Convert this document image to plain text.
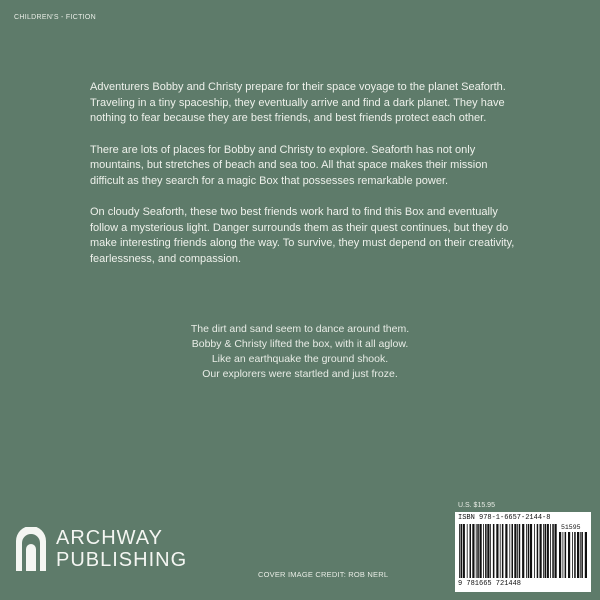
CHILDREN'S - FICTION

Adventurers Bobby and Christy prepare for their space voyage to the planet Seaforth. Traveling in a tiny spaceship, they eventually arrive and find a dark planet. They have nothing to fear because they are best friends, and best friends protect each other.

There are lots of places for Bobby and Christy to explore. Seaforth has not only mountains, but stretches of beach and sea too. All that space makes their mission difficult as they search for a magic Box that possesses remarkable power.

On cloudy Seaforth, these two best friends work hard to find this Box and eventually follow a mysterious light. Danger surrounds them as their quest continues, but they do make interesting friends along the way. To survive, they must depend on their creativity, fearlessness, and compassion.

The dirt and sand seem to dance around them.
Bobby & Christy lifted the box, with it all aglow.
Like an earthquake the ground shook.
Our explorers were startled and just froze.
ARCHWAY
PUBLISHING
COVER IMAGE CREDIT: ROB NERL
U.S. $15.95
ISBN 978-1-6657-2144-8
51595
9 781665 721448
